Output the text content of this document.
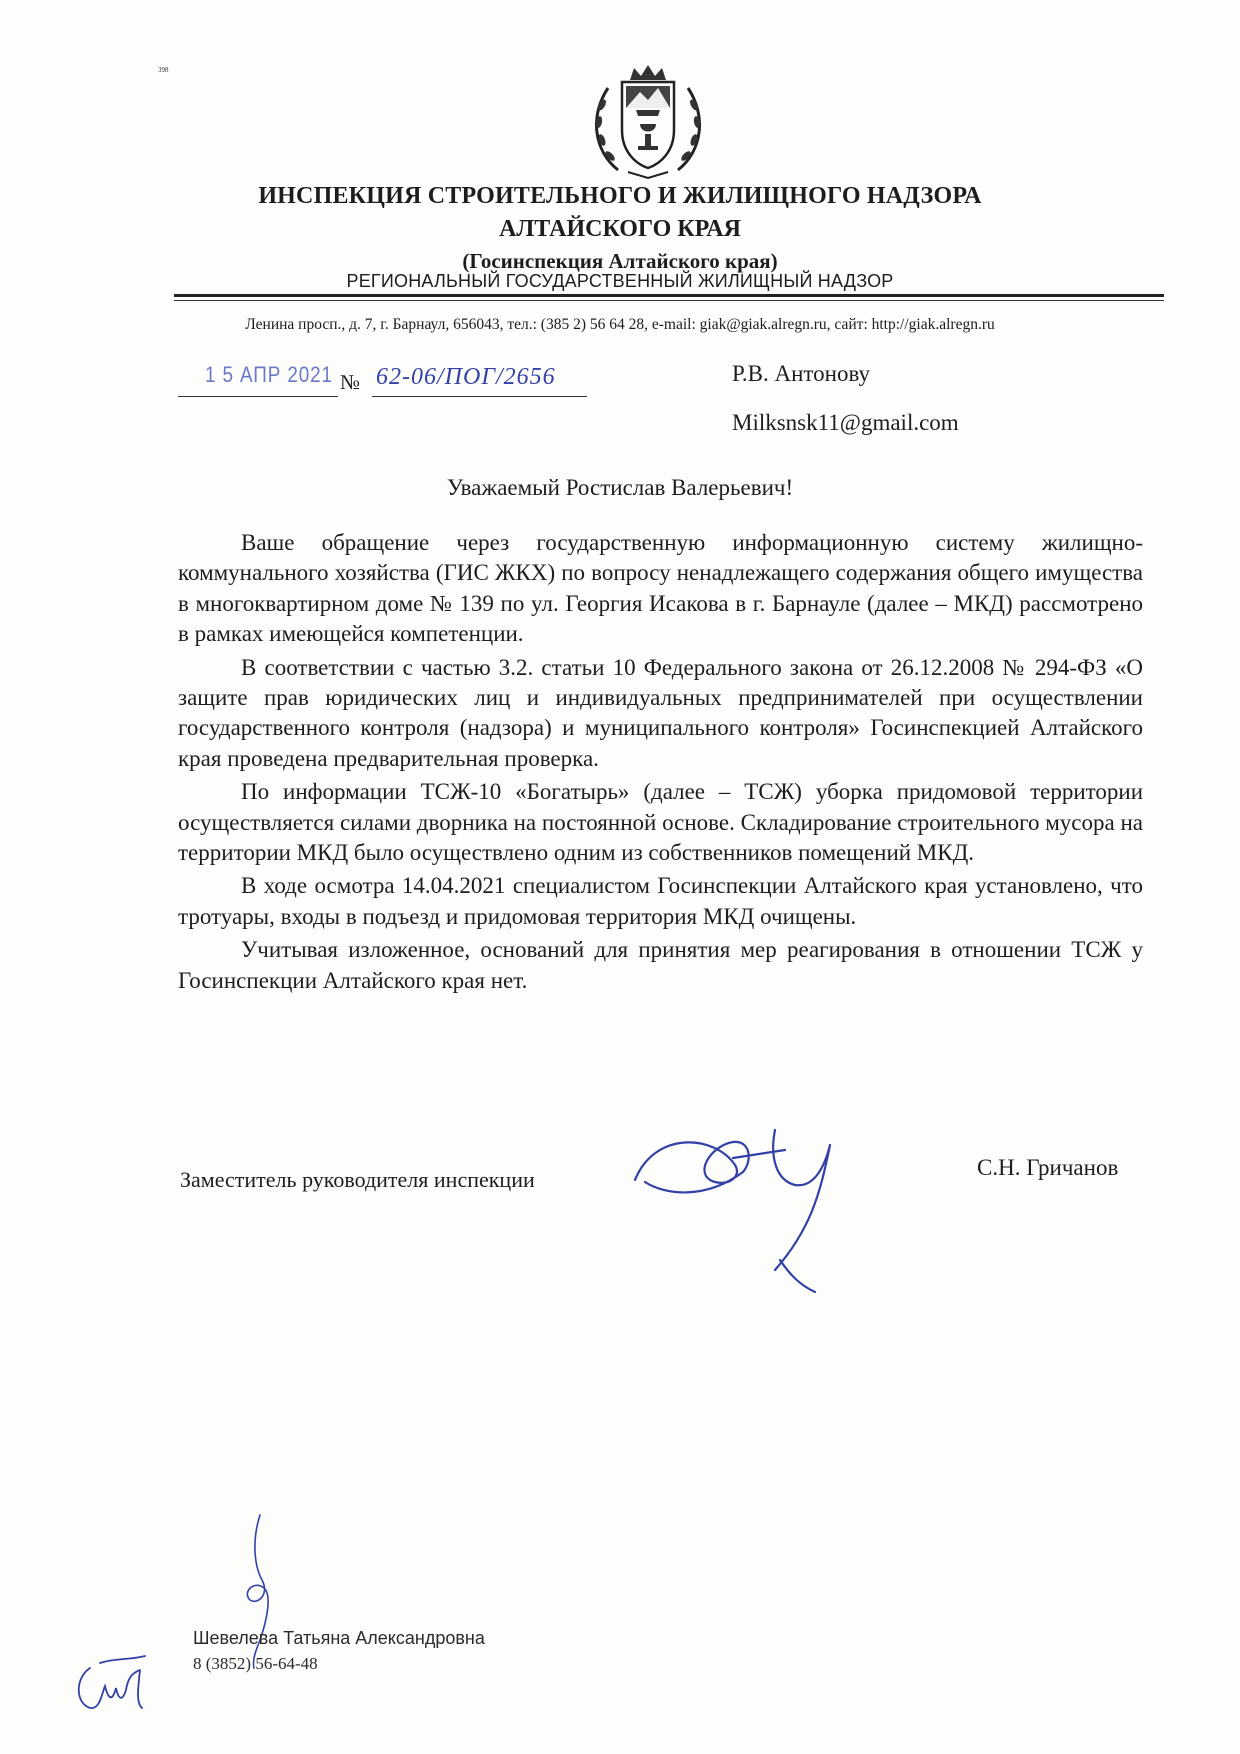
398
ИНСПЕКЦИЯ СТРОИТЕЛЬНОГО И ЖИЛИЩНОГО НАДЗОРА
АЛТАЙСКОГО КРАЯ
(Госинспекция Алтайского края)
РЕГИОНАЛЬНЫЙ ГОСУДАРСТВЕННЫЙ ЖИЛИЩНЫЙ НАДЗОР
Ленина просп., д. 7, г. Барнаул, 656043, тел.: (385 2) 56 64 28, e-mail: giak@giak.alregn.ru, сайт: http://giak.alregn.ru
1 5 АПР 2021 № 62-06/ПОГ/2656	Р.В. Антонову
Milksnsk11@gmail.com
Уважаемый Ростислав Валерьевич!

Ваше обращение через государственную информационную систему жилищно-коммунального хозяйства (ГИС ЖКХ) по вопросу ненадлежащего содержания общего имущества в многоквартирном доме № 139 по ул. Георгия Исакова в г. Барнауле (далее – МКД) рассмотрено в рамках имеющейся компетенции.

В соответствии с частью 3.2. статьи 10 Федерального закона от 26.12.2008 № 294-ФЗ «О защите прав юридических лиц и индивидуальных предпринимателей при осуществлении государственного контроля (надзора) и муниципального контроля» Госинспекцией Алтайского края проведена предварительная проверка.

По информации ТСЖ-10 «Богатырь» (далее – ТСЖ) уборка придомовой территории осуществляется силами дворника на постоянной основе. Складирование строительного мусора на территории МКД было осуществлено одним из собственников помещений МКД.

В ходе осмотра 14.04.2021 специалистом Госинспекции Алтайского края установлено, что тротуары, входы в подъезд и придомовая территория МКД очищены.

Учитывая изложенное, оснований для принятия мер реагирования в отношении ТСЖ у Госинспекции Алтайского края нет.

Заместитель руководителя инспекции	С.Н. Гричанов
Шевелева Татьяна Александровна
8 (3852) 56-64-48
